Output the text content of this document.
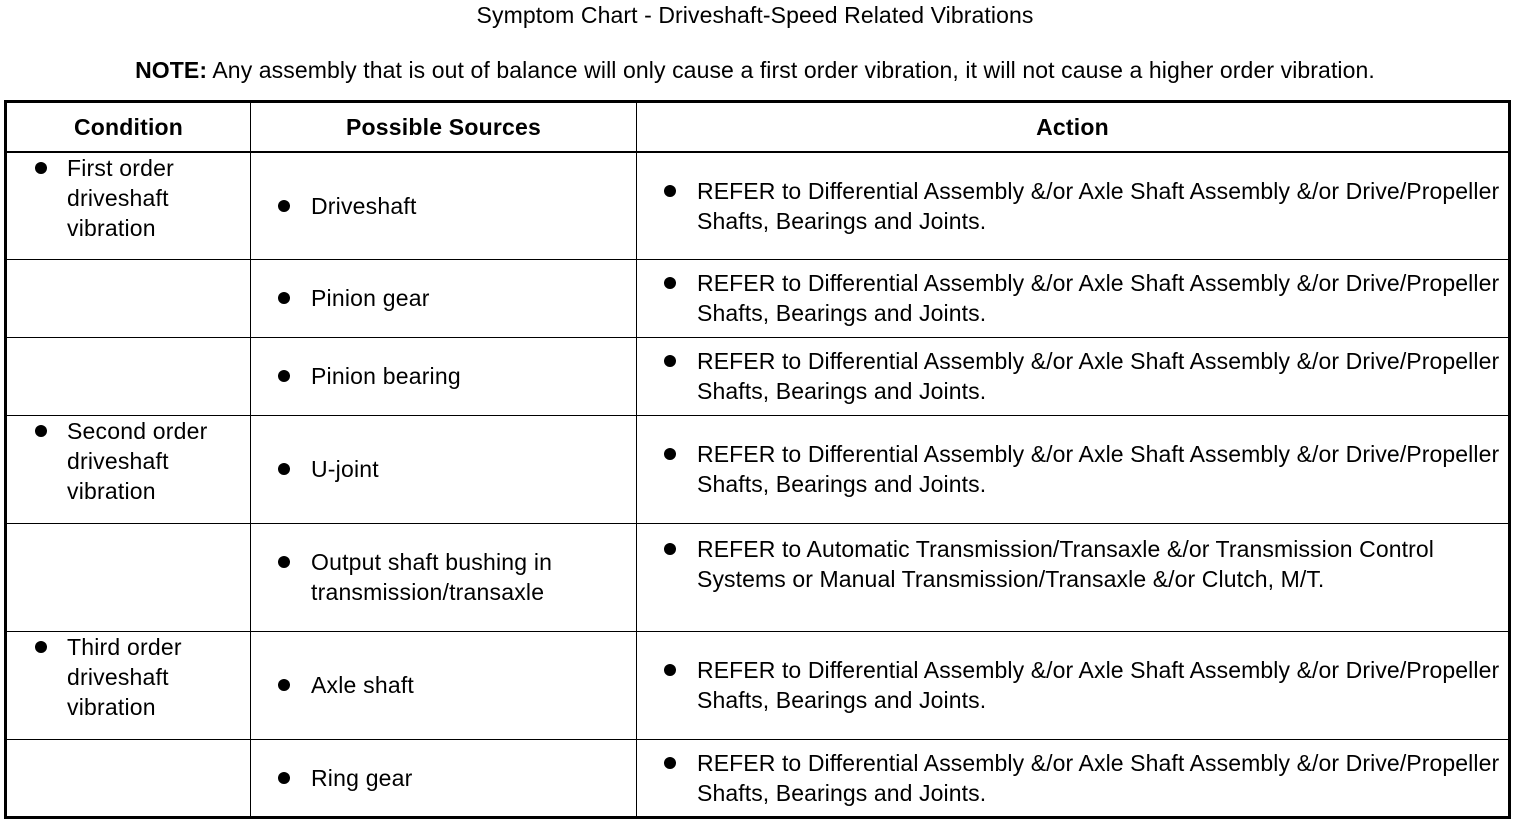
Symptom Chart - Driveshaft-Speed Related Vibrations
NOTE: Any assembly that is out of balance will only cause a first order vibration, it will not cause a higher order vibration.
Condition	Possible Sources	Action

First order driveshaft vibration	Driveshaft	REFER to Differential Assembly &/or Axle Shaft Assembly &/or Drive/Propeller Shafts, Bearings and Joints.

	Pinion gear	REFER to Differential Assembly &/or Axle Shaft Assembly &/or Drive/Propeller Shafts, Bearings and Joints.

	Pinion bearing	REFER to Differential Assembly &/or Axle Shaft Assembly &/or Drive/Propeller Shafts, Bearings and Joints.

Second order driveshaft vibration	U-joint	REFER to Differential Assembly &/or Axle Shaft Assembly &/or Drive/Propeller Shafts, Bearings and Joints.

	Output shaft bushing in transmission/transaxle	REFER to Automatic Transmission/Transaxle &/or Transmission Control Systems or Manual Transmission/Transaxle &/or Clutch, M/T.

Third order driveshaft vibration	Axle shaft	REFER to Differential Assembly &/or Axle Shaft Assembly &/or Drive/Propeller Shafts, Bearings and Joints.

	Ring gear	REFER to Differential Assembly &/or Axle Shaft Assembly &/or Drive/Propeller Shafts, Bearings and Joints.
